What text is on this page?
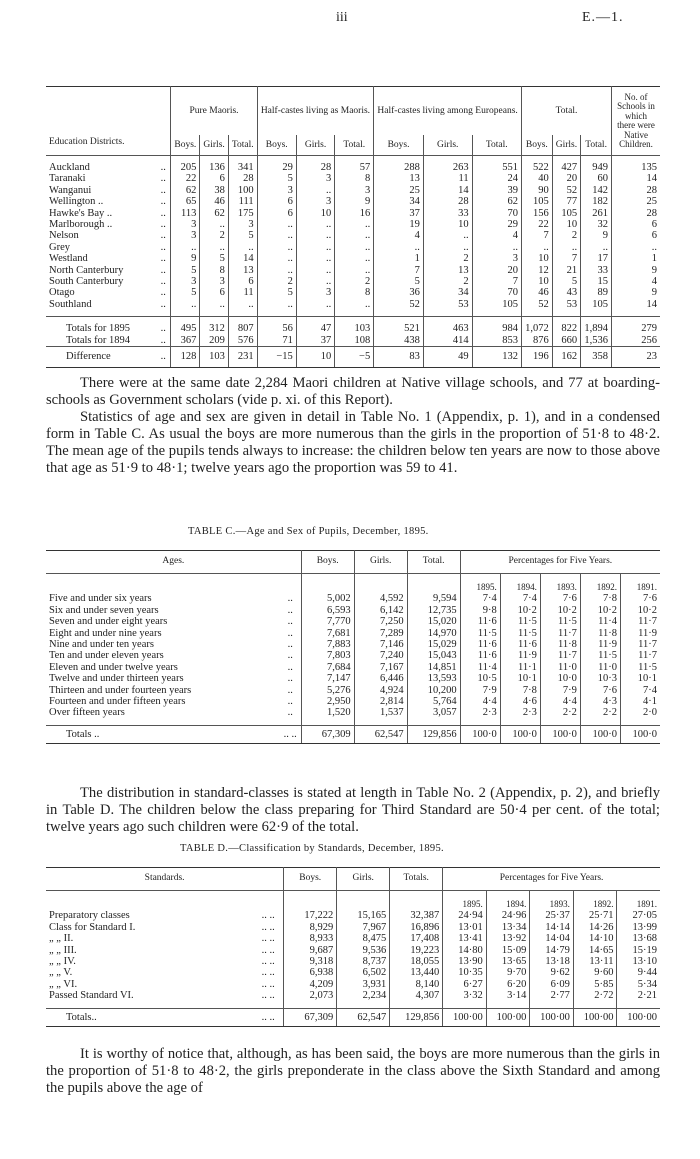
iii	E.—1.
Education Districts.		Pure Maoris.			Half-castes living as Maoris.			Half-castes living among Europeans.			Total.			No. of Schools in which there were Native Children.
		Boys.	Girls.	Total.	Boys.	Girls.	Total.	Boys.	Girls.	Total.	Boys.	Girls.	Total.	
Auckland	..	205	136	341	29	28	57	288	263	551	522	427	949	135
Taranaki	..	22	6	28	5	3	8	13	11	24	40	20	60	14
Wanganui	..	62	38	100	3	..	3	25	14	39	90	52	142	28
Wellington ..	..	65	46	111	6	3	9	34	28	62	105	77	182	25
Hawke's Bay ..	..	113	62	175	6	10	16	37	33	70	156	105	261	28
Marlborough ..	..	3	..	3	..	..	..	19	10	29	22	10	32	6
Nelson	..	3	2	5	..	..	..	4	..	4	7	2	9	6
Grey	..	..	..	..	..	..	..	..	..	..	..	..	..	..
Westland	..	9	5	14	..	..	..	1	2	3	10	7	17	1
North Canterbury	..	5	8	13	..	..	..	7	13	20	12	21	33	9
South Canterbury	..	3	3	6	2	..	2	5	2	7	10	5	15	4
Otago	..	5	6	11	5	3	8	36	34	70	46	43	89	9
Southland	..	..	..	..	..	..	..	52	53	105	52	53	105	14
Totals for 1895	..	495	312	807	56	47	103	521	463	984	1,072	822	1,894	279
Totals for 1894	..	367	209	576	71	37	108	438	414	853	876	660	1,536	256
Difference	..	128	103	231	−15	10	−5	83	49	132	196	162	358	23

There were at the same date 2,284 Maori children at Native village schools, and 77 at boarding-schools as Government scholars (vide p. xi. of this Report).

Statistics of age and sex are given in detail in Table No. 1 (Appendix, p. 1), and in a condensed form in Table C. As usual the boys are more numerous than the girls in the proportion of 51·8 to 48·2. The mean age of the pupils tends always to increase: the children below ten years are now to those above that age as 51·9 to 48·1; twelve years ago the proportion was 59 to 41.

TABLE C.—Age and Sex of Pupils, December, 1895.
Ages.		Boys.	Girls.	Total.	Percentages for Five Years.				
					1895.	1894.	1893.	1892.	1891.
Five and under six years	..	5,002	4,592	9,594	7·4	7·4	7·6	7·8	7·6
Six and under seven years	..	6,593	6,142	12,735	9·8	10·2	10·2	10·2	10·2
Seven and under eight years	..	7,770	7,250	15,020	11·6	11·5	11·5	11·4	11·7
Eight and under nine years	..	7,681	7,289	14,970	11·5	11·5	11·7	11·8	11·9
Nine and under ten years	..	7,883	7,146	15,029	11·6	11·6	11·8	11·9	11·7
Ten and under eleven years	..	7,803	7,240	15,043	11·6	11·9	11·7	11·5	11·7
Eleven and under twelve years	..	7,684	7,167	14,851	11·4	11·1	11·0	11·0	11·5
Twelve and under thirteen years	..	7,147	6,446	13,593	10·5	10·1	10·0	10·3	10·1
Thirteen and under fourteen years	..	5,276	4,924	10,200	7·9	7·8	7·9	7·6	7·4
Fourteen and under fifteen years	..	2,950	2,814	5,764	4·4	4·6	4·4	4·3	4·1
Over fifteen years	..	1,520	1,537	3,057	2·3	2·3	2·2	2·2	2·0
Totals ..	.. ..	67,309	62,547	129,856	100·0	100·0	100·0	100·0	100·0

The distribution in standard-classes is stated at length in Table No. 2 (Appendix, p. 2), and briefly in Table D. The children below the class preparing for Third Standard are 50·4 per cent. of the total; twelve years ago such children were 62·9 of the total.

TABLE D.—Classification by Standards, December, 1895.
Standards.		Boys.	Girls.	Totals.	Percentages for Five Years.				
					1895.	1894.	1893.	1892.	1891.
Preparatory classes	.. ..	17,222	15,165	32,387	24·94	24·96	25·37	25·71	27·05
Class for Standard I.	.. ..	8,929	7,967	16,896	13·01	13·34	14·14	14·26	13·99
„ „ II.	.. ..	8,933	8,475	17,408	13·41	13·92	14·04	14·10	13·68
„ „ III.	.. ..	9,687	9,536	19,223	14·80	15·09	14·79	14·65	15·19
„ „ IV.	.. ..	9,318	8,737	18,055	13·90	13·65	13·18	13·11	13·10
„ „ V.	.. ..	6,938	6,502	13,440	10·35	9·70	9·62	9·60	9·44
„ „ VI.	.. ..	4,209	3,931	8,140	6·27	6·20	6·09	5·85	5·34
Passed Standard VI.	.. ..	2,073	2,234	4,307	3·32	3·14	2·77	2·72	2·21
Totals..	.. ..	67,309	62,547	129,856	100·00	100·00	100·00	100·00	100·00

It is worthy of notice that, although, as has been said, the boys are more numerous than the girls in the proportion of 51·8 to 48·2, the girls preponderate in the class above the Sixth Standard and among the pupils above the age of
